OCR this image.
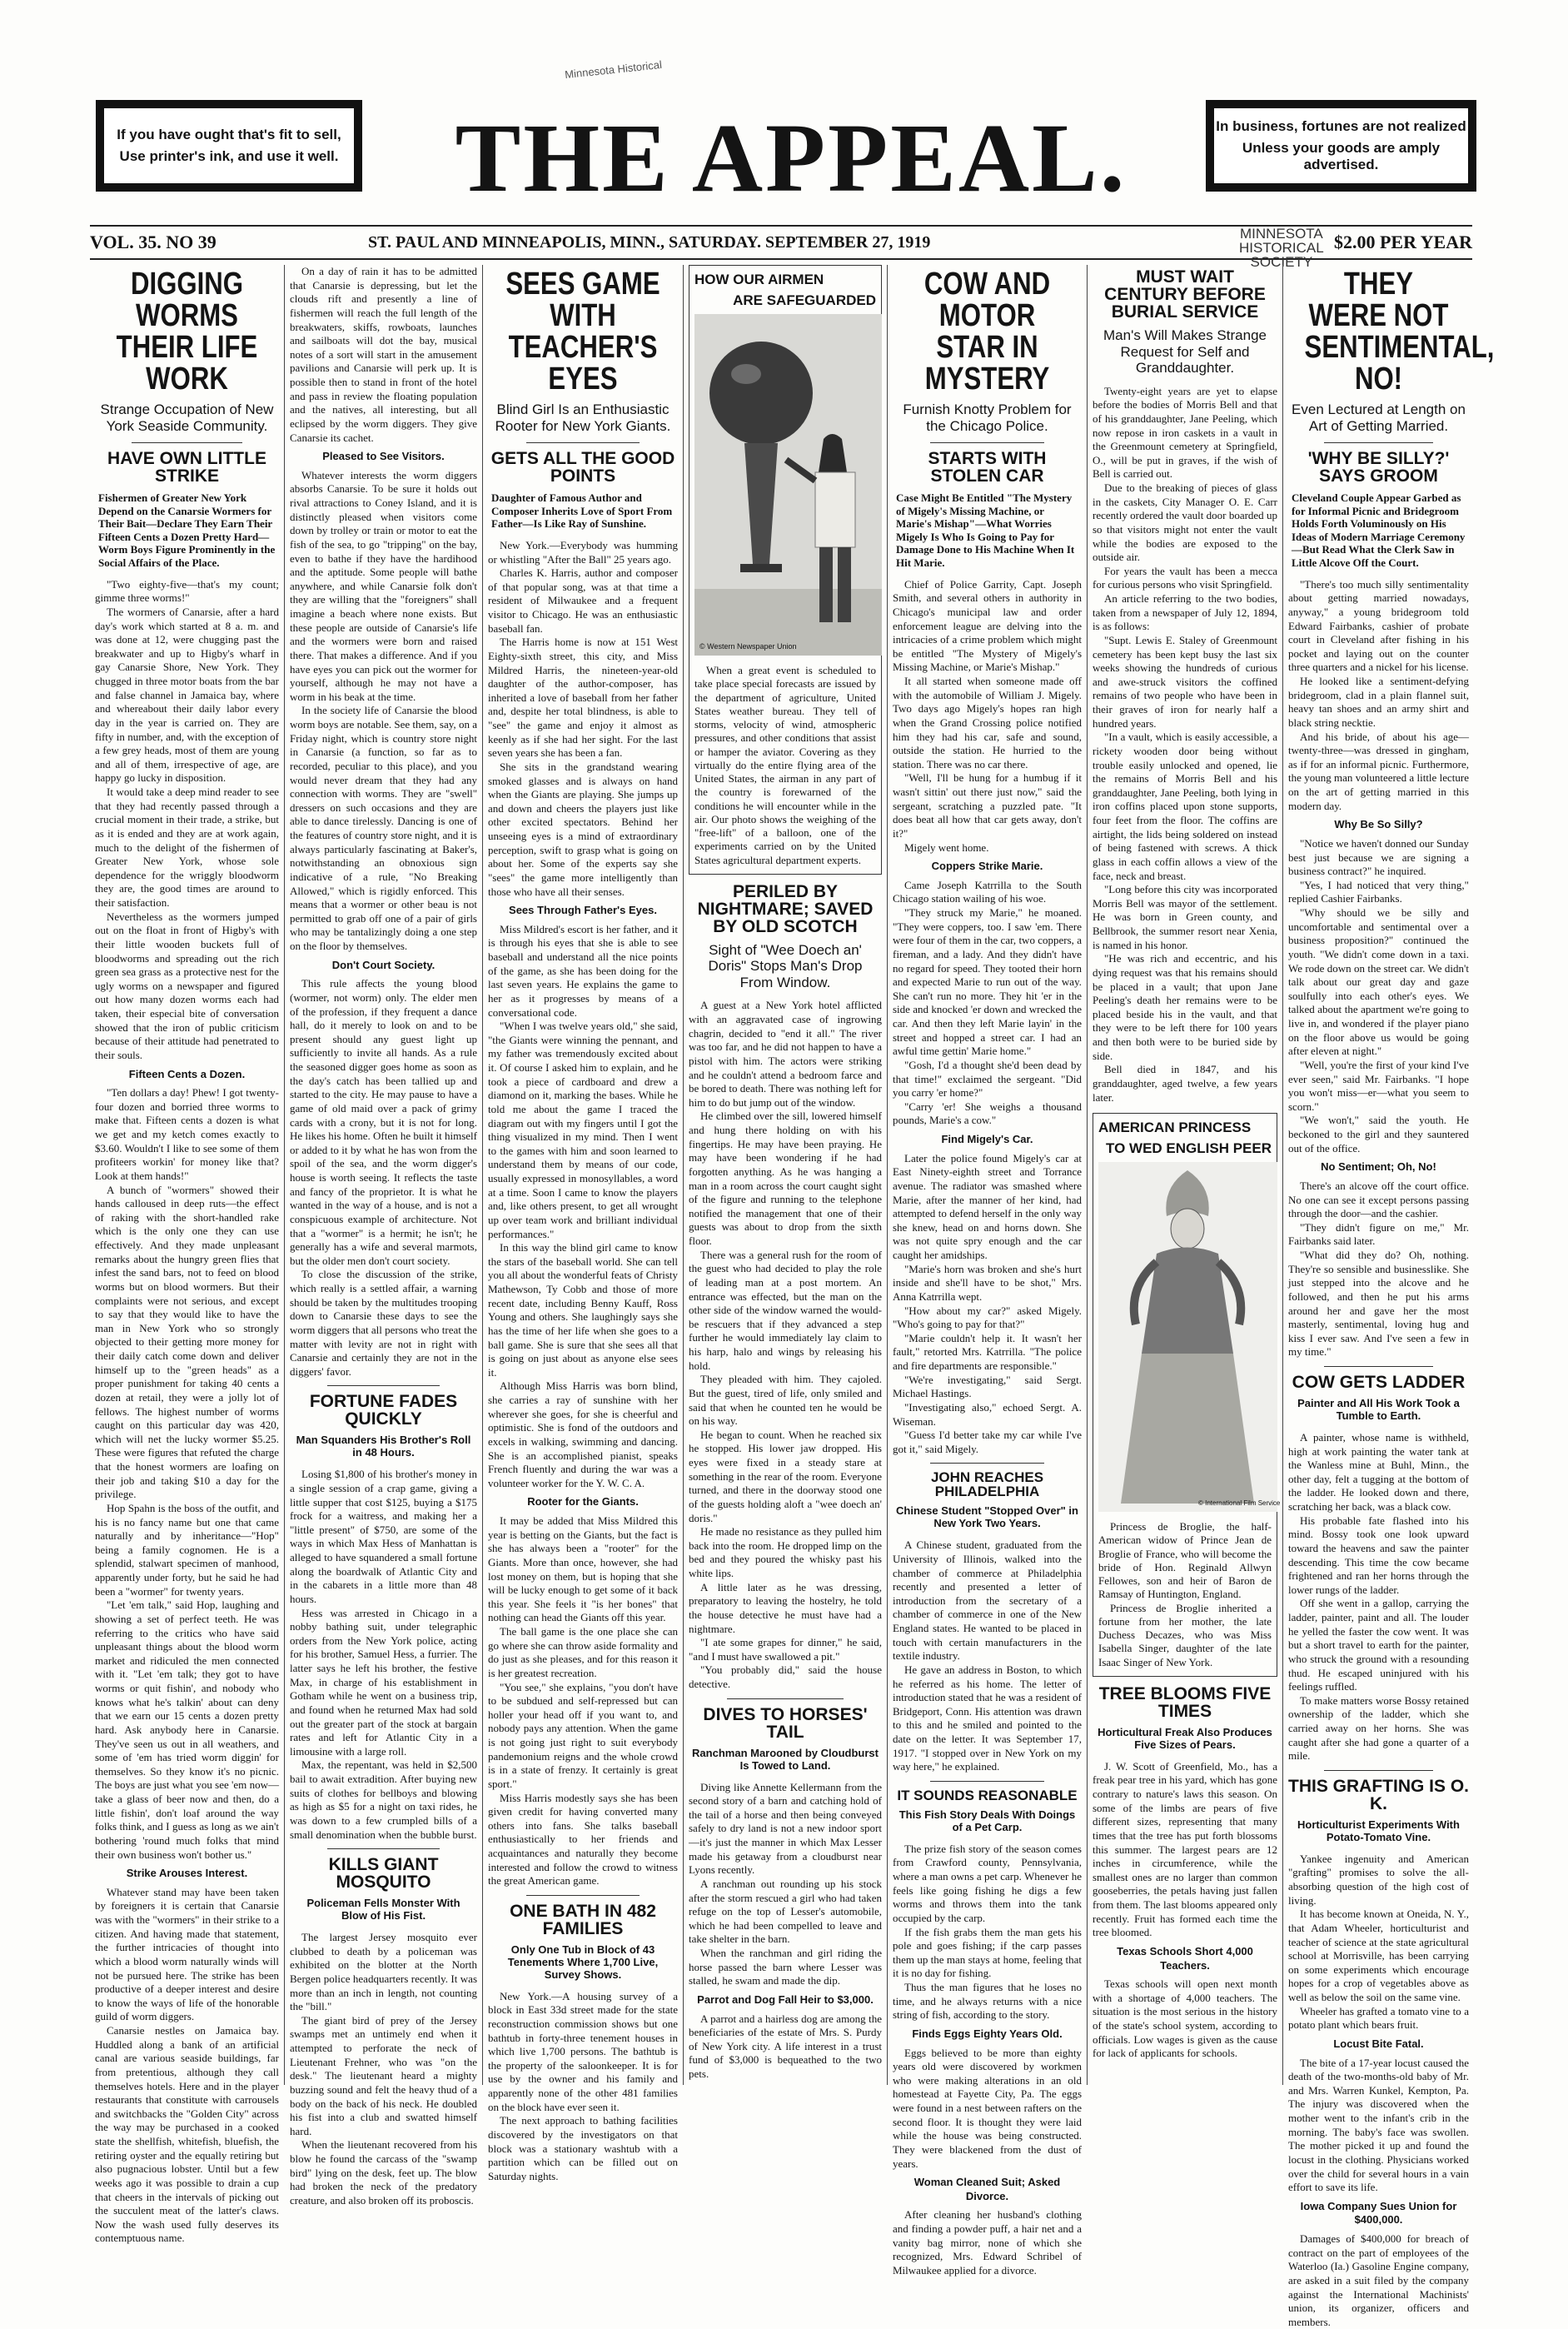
Minnesota Historical

If you have ought that's fit to sell,

Use printer's ink, and use it well. THE APPEAL.	In business, fortunes are not realized

Unless your goods are amply advertised.

VOL. 35. NO 39	ST. PAUL AND MINNEAPOLIS, MINN., SATURDAY. SEPTEMBER 27, 1919	$2.00 PER YEAR
MINNESOTA
HISTORICAL
SOCIETY
DIGGING WORMS THEIR LIFE WORK
Strange Occupation of New York Seaside Community.
HAVE OWN LITTLE STRIKE
Fishermen of Greater New York Depend on the Canarsie Wormers for Their Bait—Declare They Earn Their Fifteen Cents a Dozen Pretty Hard—Worm Boys Figure Prominently in the Social Affairs of the Place.

"Two eighty-five—that's my count; gimme three worms!"

The wormers of Canarsie, after a hard day's work which started at 8 a. m. and was done at 12, were chugging past the breakwater and up to Higby's wharf in gay Canarsie Shore, New York. They chugged in three motor boats from the bar and false channel in Jamaica bay, where and whereabout their daily labor every day in the year is carried on. They are fifty in number, and, with the exception of a few grey heads, most of them are young and all of them, irrespective of age, are happy go lucky in disposition.

It would take a deep mind reader to see that they had recently passed through a crucial moment in their trade, a strike, but as it is ended and they are at work again, much to the delight of the fishermen of Greater New York, whose sole dependence for the wriggly bloodworm they are, the good times are around to their satisfaction.

Nevertheless as the wormers jumped out on the float in front of Higby's with their little wooden buckets full of bloodworms and spreading out the rich green sea grass as a protective nest for the ugly worms on a newspaper and figured out how many dozen worms each had taken, their especial bite of conversation showed that the iron of public criticism because of their attitude had penetrated to their souls.

Fifteen Cents a Dozen.

"Ten dollars a day! Phew! I got twenty-four dozen and borried three worms to make that. Fifteen cents a dozen is what we get and my ketch comes exactly to $3.60. Wouldn't I like to see some of them profiteers workin' for money like that? Look at them hands!"

A bunch of "wormers" showed their hands calloused in deep ruts—the effect of raking with the short-handled rake which is the only one they can use effectively. And they made unpleasant remarks about the hungry green flies that infest the sand bars, not to feed on blood worms but on blood wormers. But their complaints were not serious, and except to say that they would like to have the man in New York who so strongly objected to their getting more money for their daily catch come down and deliver himself up to the "green heads" as a proper punishment for taking 40 cents a dozen at retail, they were a jolly lot of fellows. The highest number of worms caught on this particular day was 420, which will net the lucky wormer $5.25. These were figures that refuted the charge that the honest wormers are loafing on their job and taking $10 a day for the privilege.

Hop Spahn is the boss of the outfit, and his is no fancy name but one that came naturally and by inheritance—"Hop" being a family cognomen. He is a splendid, stalwart specimen of manhood, apparently under forty, but he said he had been a "wormer" for twenty years.

"Let 'em talk," said Hop, laughing and showing a set of perfect teeth. He was referring to the critics who have said unpleasant things about the blood worm market and ridiculed the men connected with it. "Let 'em talk; they got to have worms or quit fishin', and nobody who knows what he's talkin' about can deny that we earn our 15 cents a dozen pretty hard. Ask anybody here in Canarsie. They've seen us out in all weathers, and some of 'em has tried worm diggin' for themselves. So they know it's no picnic. The boys are just what you see 'em now—take a glass of beer now and then, do a little fishin', don't loaf around the way folks think, and I guess as long as we ain't bothering 'round much folks that mind their own business won't bother us."

Strike Arouses Interest.

Whatever stand may have been taken by foreigners it is certain that Canarsie was with the "wormers" in their strike to a citizen. And having made that statement, the further intricacies of thought into which a blood worm naturally winds will not be pursued here. The strike has been productive of a deeper interest and desire to know the ways of life of the honorable guild of worm diggers.

Canarsie nestles on Jamaica bay. Huddled along a bank of an artificial canal are various seaside buildings, far from pretentious, although they call themselves hotels. Here and in the player restaurants that constitute with carrousels and switchbacks the "Golden City" across the way may be purchased in a cooked state the shellfish, whitefish, bluefish, the retiring oyster and the equally retiring but also pugnacious lobster. Until but a few weeks ago it was possible to drain a cup that cheers in the intervals of picking out the succulent meat of the latter's claws. Now the wash used fully deserves its contemptuous name.

On a day of rain it has to be admitted that Canarsie is depressing, but let the clouds rift and presently a line of fishermen will reach the full length of the breakwaters, skiffs, rowboats, launches and sailboats will dot the bay, musical notes of a sort will start in the amusement pavilions and Canarsie will perk up. It is possible then to stand in front of the hotel and pass in review the floating population and the natives, all interesting, but all eclipsed by the worm diggers. They give Canarsie its cachet.

Pleased to See Visitors.

Whatever interests the worm diggers absorbs Canarsie. To be sure it holds out rival attractions to Coney Island, and it is distinctly pleased when visitors come down by trolley or train or motor to eat the fish of the sea, to go "tripping" on the bay, even to bathe if they have the hardihood and the aptitude. Some people will bathe anywhere, and while Canarsie folk don't they are willing that the "foreigners" shall imagine a beach where none exists. But these people are outside of Canarsie's life and the wormers were born and raised there. That makes a difference. And if you have eyes you can pick out the wormer for yourself, although he may not have a worm in his beak at the time.

In the society life of Canarsie the blood worm boys are notable. See them, say, on a Friday night, which is country store night in Canarsie (a function, so far as to recorded, peculiar to this place), and you would never dream that they had any connection with worms. They are "swell" dressers on such occasions and they are able to dance tirelessly. Dancing is one of the features of country store night, and it is always particularly fascinating at Baker's, notwithstanding an obnoxious sign indicative of a rule, "No Breaking Allowed," which is rigidly enforced. This means that a wormer or other beau is not permitted to grab off one of a pair of girls who may be tantalizingly doing a one step on the floor by themselves.

Don't Court Society.

This rule affects the young blood (wormer, not worm) only. The elder men of the profession, if they frequent a dance hall, do it merely to look on and to be present should any guest light up sufficiently to invite all hands. As a rule the seasoned digger goes home as soon as the day's catch has been tallied up and started to the city. He may pause to have a game of old maid over a pack of grimy cards with a crony, but it is not for long. He likes his home. Often he built it himself or added to it by what he has won from the spoil of the sea, and the worm digger's house is worth seeing. It reflects the taste and fancy of the proprietor. It is what he wanted in the way of a house, and is not a conspicuous example of architecture. Not that a "wormer" is a hermit; he isn't; he generally has a wife and several marmots, but the older men don't court society.

To close the discussion of the strike, which really is a settled affair, a warning should be taken by the multitudes trooping down to Canarsie these days to see the worm diggers that all persons who treat the matter with levity are not in right with Canarsie and certainly they are not in the diggers' favor.

FORTUNE FADES QUICKLY
Man Squanders His Brother's Roll in 48 Hours.

Losing $1,800 of his brother's money in a single session of a crap game, giving a little supper that cost $125, buying a $175 frock for a waitress, and making her a "little present" of $750, are some of the ways in which Max Hess of Manhattan is alleged to have squandered a small fortune along the boardwalk of Atlantic City and in the cabarets in a little more than 48 hours.

Hess was arrested in Chicago in a nobby bathing suit, under telegraphic orders from the New York police, acting for his brother, Samuel Hess, a furrier. The latter says he left his brother, the festive Max, in charge of his establishment in Gotham while he went on a business trip, and found when he returned Max had sold out the greater part of the stock at bargain rates and left for Atlantic City in a limousine with a large roll.

Max, the repentant, was held in $2,500 bail to await extradition. After buying new suits of clothes for bellboys and blowing as high as $5 for a night on taxi rides, he was down to a few crumpled bills of a small denomination when the bubble burst.

KILLS GIANT MOSQUITO
Policeman Fells Monster With Blow of His Fist.

The largest Jersey mosquito ever clubbed to death by a policeman was exhibited on the blotter at the North Bergen police headquarters recently. It was more than an inch in length, not counting the "bill."

The giant bird of prey of the Jersey swamps met an untimely end when it attempted to perforate the neck of Lieutenant Frehner, who was "on the desk." The lieutenant heard a mighty buzzing sound and felt the heavy thud of a body on the back of his neck. He doubled his fist into a club and swatted himself hard.

When the lieutenant recovered from his blow he found the carcass of the "swamp bird" lying on the desk, feet up. The blow had broken the neck of the predatory creature, and also broken off its proboscis.

SEES GAME WITH TEACHER'S EYES
Blind Girl Is an Enthusiastic Rooter for New York Giants.
GETS ALL THE GOOD POINTS
Daughter of Famous Author and Composer Inherits Love of Sport From Father—Is Like Ray of Sunshine.

New York.—Everybody was humming or whistling "After the Ball" 25 years ago.

Charles K. Harris, author and composer of that popular song, was at that time a resident of Milwaukee and a frequent visitor to Chicago. He was an enthusiastic baseball fan.

The Harris home is now at 151 West Eighty-sixth street, this city, and Miss Mildred Harris, the nineteen-year-old daughter of the author-composer, has inherited a love of baseball from her father and, despite her total blindness, is able to "see" the game and enjoy it almost as keenly as if she had her sight. For the last seven years she has been a fan.

She sits in the grandstand wearing smoked glasses and is always on hand when the Giants are playing. She jumps up and down and cheers the players just like other excited spectators. Behind her unseeing eyes is a mind of extraordinary perception, swift to grasp what is going on about her. Some of the experts say she "sees" the game more intelligently than those who have all their senses.

Sees Through Father's Eyes.

Miss Mildred's escort is her father, and it is through his eyes that she is able to see baseball and understand all the nice points of the game, as she has been doing for the last seven years. He explains the game to her as it progresses by means of a conversational code.

"When I was twelve years old," she said, "the Giants were winning the pennant, and my father was tremendously excited about it. Of course I asked him to explain, and he took a piece of cardboard and drew a diamond on it, marking the bases. While he told me about the game I traced the diagram out with my fingers until I got the thing visualized in my mind. Then I went to the games with him and soon learned to understand them by means of our code, usually expressed in monosyllables, a word at a time. Soon I came to know the players and, like others present, to get all wrought up over team work and brilliant individual performances."

In this way the blind girl came to know the stars of the baseball world. She can tell you all about the wonderful feats of Christy Mathewson, Ty Cobb and those of more recent date, including Benny Kauff, Ross Young and others. She laughingly says she has the time of her life when she goes to a ball game. She is sure that she sees all that is going on just about as anyone else sees it.

Although Miss Harris was born blind, she carries a ray of sunshine with her wherever she goes, for she is cheerful and optimistic. She is fond of the outdoors and excels in walking, swimming and dancing. She is an accomplished pianist, speaks French fluently and during the war was a volunteer worker for the Y. W. C. A.

Rooter for the Giants.

It may be added that Miss Mildred this year is betting on the Giants, but the fact is she has always been a "rooter" for the Giants. More than once, however, she had lost money on them, but is hoping that she will be lucky enough to get some of it back this year. She feels it "is her bones" that nothing can head the Giants off this year.

The ball game is the one place she can go where she can throw aside formality and do just as she pleases, and for this reason it is her greatest recreation.

"You see," she explains, "you don't have to be subdued and self-repressed but can holler your head off if you want to, and nobody pays any attention. When the game is not going just right to suit everybody pandemonium reigns and the whole crowd is in a state of frenzy. It certainly is great sport."

Miss Harris modestly says she has been given credit for having converted many others into fans. She talks baseball enthusiastically to her friends and acquaintances and naturally they become interested and follow the crowd to witness the great American game.

ONE BATH IN 482 FAMILIES
Only One Tub in Block of 43 Tenements Where 1,700 Live, Survey Shows.

New York.—A housing survey of a block in East 33d street made for the state reconstruction commission shows but one bathtub in forty-three tenement houses in which live 1,700 persons. The bathtub is the property of the saloonkeeper. It is for use by the owner and his family and apparently none of the other 481 families on the block have ever seen it.

The next approach to bathing facilities discovered by the investigators on that block was a stationary washtub with a partition which can be filled out on Saturday nights.

HOW OUR AIRMEN
ARE SAFEGUARDED
© Western Newspaper Union

When a great event is scheduled to take place special forecasts are issued by the department of agriculture, United States weather bureau. They tell of storms, velocity of wind, atmospheric pressures, and other conditions that assist or hamper the aviator. Covering as they virtually do the entire flying area of the United States, the airman in any part of the country is forewarned of the conditions he will encounter while in the air. Our photo shows the weighing of the "free-lift" of a balloon, one of the experiments carried on by the United States agricultural department experts.

PERILED BY NIGHTMARE; SAVED BY OLD SCOTCH
Sight of "Wee Doech an' Doris" Stops Man's Drop From Window.

A guest at a New York hotel afflicted with an aggravated case of ingrowing chagrin, decided to "end it all." The river was too far, and he did not happen to have a pistol with him. The actors were striking and he couldn't attend a bedroom farce and be bored to death. There was nothing left for him to do but jump out of the window.

He climbed over the sill, lowered himself and hung there holding on with his fingertips. He may have been praying. He may have been wondering if he had forgotten anything. As he was hanging a man in a room across the court caught sight of the figure and running to the telephone notified the management that one of their guests was about to drop from the sixth floor.

There was a general rush for the room of the guest who had decided to play the role of leading man at a post mortem. An entrance was effected, but the man on the other side of the window warned the would-be rescuers that if they advanced a step further he would immediately lay claim to his harp, halo and wings by releasing his hold.

They pleaded with him. They cajoled. But the guest, tired of life, only smiled and said that when he counted ten he would be on his way.

He began to count. When he reached six he stopped. His lower jaw dropped. His eyes were fixed in a steady stare at something in the rear of the room. Everyone turned, and there in the doorway stood one of the guests holding aloft a "wee doech an' doris."

He made no resistance as they pulled him back into the room. He dropped limp on the bed and they poured the whisky past his white lips.

A little later as he was dressing, preparatory to leaving the hostelry, he told the house detective he must have had a nightmare.

"I ate some grapes for dinner," he said, "and I must have swallowed a pit."

"You probably did," said the house detective.

DIVES TO HORSES' TAIL
Ranchman Marooned by Cloudburst Is Towed to Land.

Diving like Annette Kellermann from the second story of a barn and catching hold of the tail of a horse and then being conveyed safely to dry land is not a new indoor sport—it's just the manner in which Max Lesser made his getaway from a cloudburst near Lyons recently.

A ranchman out rounding up his stock after the storm rescued a girl who had taken refuge on the top of Lesser's automobile, which he had been compelled to leave and take shelter in the barn.

When the ranchman and girl riding the horse passed the barn where Lesser was stalled, he swam and made the dip.

Parrot and Dog Fall Heir to $3,000.

A parrot and a hairless dog are among the beneficiaries of the estate of Mrs. S. Purdy of New York city. A life interest in a trust fund of $3,000 is bequeathed to the two pets.

COW AND MOTOR STAR IN MYSTERY
Furnish Knotty Problem for the Chicago Police.
STARTS WITH STOLEN CAR
Case Might Be Entitled "The Mystery of Migely's Missing Machine, or Marie's Mishap"—What Worries Migely Is Who Is Going to Pay for Damage Done to His Machine When It Hit Marie.

Chief of Police Garrity, Capt. Joseph Smith, and several others in authority in Chicago's municipal law and order enforcement league are delving into the intricacies of a crime problem which might be entitled "The Mystery of Migely's Missing Machine, or Marie's Mishap."

It all started when someone made off with the automobile of William J. Migely. Two days ago Migely's hopes ran high when the Grand Crossing police notified him they had his car, safe and sound, outside the station. He hurried to the station. There was no car there.

"Well, I'll be hung for a humbug if it wasn't sittin' out there just now," said the sergeant, scratching a puzzled pate. "It does beat all how that car gets away, don't it?"

Migely went home.

Coppers Strike Marie.

Came Joseph Katrrilla to the South Chicago station wailing of his woe.

"They struck my Marie," he moaned. "They were coppers, too. I saw 'em. There were four of them in the car, two coppers, a fireman, and a lady. And they didn't have no regard for speed. They tooted their horn and expected Marie to run out of the way. She can't run no more. They hit 'er in the side and knocked 'er down and wrecked the car. And then they left Marie layin' in the street and hopped a street car. I had an awful time gettin' Marie home."

"Gosh, I'd a thought she'd been dead by that time!" exclaimed the sergeant. "Did you carry 'er home?"

"Carry 'er! She weighs a thousand pounds, Marie's a cow."

Find Migely's Car.

Later the police found Migely's car at East Ninety-eighth street and Torrance avenue. The radiator was smashed where Marie, after the manner of her kind, had attempted to defend herself in the only way she knew, head on and horns down. She was not quite spry enough and the car caught her amidships.

"Marie's horn was broken and she's hurt inside and she'll have to be shot," Mrs. Anna Katrrilla wept.

"How about my car?" asked Migely. "Who's going to pay for that?"

"Marie couldn't help it. It wasn't her fault," retorted Mrs. Katrrilla. "The police and fire departments are responsible."

"We're investigating," said Sergt. Michael Hastings.

"Investigating also," echoed Sergt. A. Wiseman.

"Guess I'd better take my car while I've got it," said Migely.

JOHN REACHES PHILADELPHIA
Chinese Student "Stopped Over" in New York Two Years.

A Chinese student, graduated from the University of Illinois, walked into the chamber of commerce at Philadelphia recently and presented a letter of introduction from the secretary of a chamber of commerce in one of the New England states. He wanted to be placed in touch with certain manufacturers in the textile industry.

He gave an address in Boston, to which he referred as his home. The letter of introduction stated that he was a resident of Bridgeport, Conn. His attention was drawn to this and he smiled and pointed to the date on the letter. It was September 17, 1917. "I stopped over in New York on my way here," he explained.

IT SOUNDS REASONABLE
This Fish Story Deals With Doings of a Pet Carp.

The prize fish story of the season comes from Crawford county, Pennsylvania, where a man owns a pet carp. Whenever he feels like going fishing he digs a few worms and throws them into the tank occupied by the carp.

If the fish grabs them the man gets his pole and goes fishing; if the carp passes them up the man stays at home, feeling that it is no day for fishing.

Thus the man figures that he loses no time, and he always returns with a nice string of fish, according to the story.

Finds Eggs Eighty Years Old.

Eggs believed to be more than eighty years old were discovered by workmen who were making alterations in an old homestead at Fayette City, Pa. The eggs were found in a nest between rafters on the second floor. It is thought they were laid while the house was being constructed. They were blackened from the dust of years.

Woman Cleaned Suit; Asked Divorce.

After cleaning her husband's clothing and finding a powder puff, a hair net and a vanity bag mirror, none of which she recognized, Mrs. Edward Schribel of Milwaukee applied for a divorce.

MUST WAIT CENTURY BEFORE BURIAL SERVICE
Man's Will Makes Strange Request for Self and Granddaughter.

Twenty-eight years are yet to elapse before the bodies of Morris Bell and that of his granddaughter, Jane Peeling, which now repose in iron caskets in a vault in the Greenmount cemetery at Springfield, O., will be put in graves, if the wish of Bell is carried out.

Due to the breaking of pieces of glass in the caskets, City Manager O. E. Carr recently ordered the vault door boarded up so that visitors might not enter the vault while the bodies are exposed to the outside air.

For years the vault has been a mecca for curious persons who visit Springfield.

An article referring to the two bodies, taken from a newspaper of July 12, 1894, is as follows:

"Supt. Lewis E. Staley of Greenmount cemetery has been kept busy the last six weeks showing the hundreds of curious and awe-struck visitors the coffined remains of two people who have been in their graves of iron for nearly half a hundred years.

"In a vault, which is easily accessible, a rickety wooden door being without trouble easily unlocked and opened, lie the remains of Morris Bell and his granddaughter, Jane Peeling, both lying in iron coffins placed upon stone supports, four feet from the floor. The coffins are airtight, the lids being soldered on instead of being fastened with screws. A thick glass in each coffin allows a view of the face, neck and breast.

"Long before this city was incorporated Morris Bell was mayor of the settlement. He was born in Green county, and Bellbrook, the summer resort near Xenia, is named in his honor.

"He was rich and eccentric, and his dying request was that his remains should be placed in a vault; that upon Jane Peeling's death her remains were to be placed beside his in the vault, and that they were to be left there for 100 years and then both were to be buried side by side.

Bell died in 1847, and his granddaughter, aged twelve, a few years later.

AMERICAN PRINCESS
TO WED ENGLISH PEER
© International Film Service

Princess de Broglie, the half-American widow of Prince Jean de Broglie of France, who will become the bride of Hon. Reginald Allwyn Fellowes, son and heir of Baron de Ramsay of Huntington, England.

Princess de Broglie inherited a fortune from her mother, the late Duchess Decazes, who was Miss Isabella Singer, daughter of the late Isaac Singer of New York.

TREE BLOOMS FIVE TIMES
Horticultural Freak Also Produces Five Sizes of Pears.

J. W. Scott of Greenfield, Mo., has a freak pear tree in his yard, which has gone contrary to nature's laws this season. On some of the limbs are pears of five different sizes, representing that many times that the tree has put forth blossoms this summer. The largest pears are 12 inches in circumference, while the smallest ones are no larger than common gooseberries, the petals having just fallen from them. The last blooms appeared only recently. Fruit has formed each time the tree bloomed.

Texas Schools Short 4,000 Teachers.

Texas schools will open next month with a shortage of 4,000 teachers. The situation is the most serious in the history of the state's school system, according to officials. Low wages is given as the cause for lack of applicants for schools.

THEY WERE NOT SENTIMENTAL, NO!
Even Lectured at Length on Art of Getting Married.
'WHY BE SILLY?' SAYS GROOM
Cleveland Couple Appear Garbed as for Informal Picnic and Bridegroom Holds Forth Voluminously on His Ideas of Modern Marriage Ceremony—But Read What the Clerk Saw in Little Alcove Off the Court.

"There's too much silly sentimentality about getting married nowadays, anyway," a young bridegroom told Edward Fairbanks, cashier of probate court in Cleveland after fishing in his pocket and laying out on the counter three quarters and a nickel for his license.

He looked like a sentiment-defying bridegroom, clad in a plain flannel suit, heavy tan shoes and an army shirt and black string necktie.

And his bride, of about his age—twenty-three—was dressed in gingham, as if for an informal picnic. Furthermore, the young man volunteered a little lecture on the art of getting married in this modern day.

Why Be So Silly?

"Notice we haven't donned our Sunday best just because we are signing a business contract?" he inquired.

"Yes, I had noticed that very thing," replied Cashier Fairbanks.

"Why should we be silly and uncomfortable and sentimental over a business proposition?" continued the youth. "We didn't come down in a taxi. We rode down on the street car. We didn't talk about our great day and gaze soulfully into each other's eyes. We talked about the apartment we're going to live in, and wondered if the player piano on the floor above us would be going after eleven at night."

"Well, you're the first of your kind I've ever seen," said Mr. Fairbanks. "I hope you won't miss—er—what you seem to scorn."

"We won't," said the youth. He beckoned to the girl and they sauntered out of the office.

No Sentiment; Oh, No!

There's an alcove off the court office. No one can see it except persons passing through the door—and the cashier.

"They didn't figure on me," Mr. Fairbanks said later.

"What did they do? Oh, nothing. They're so sensible and businesslike. She just stepped into the alcove and he followed, and then he put his arms around her and gave her the most masterly, sentimental, loving hug and kiss I ever saw. And I've seen a few in my time."

COW GETS LADDER
Painter and All His Work Took a Tumble to Earth.

A painter, whose name is withheld, high at work painting the water tank at the Wanless mine at Buhl, Minn., the other day, felt a tugging at the bottom of the ladder. He looked down and there, scratching her back, was a black cow.

His probable fate flashed into his mind. Bossy took one look upward toward the heavens and saw the painter descending. This time the cow became frightened and ran her horns through the lower rungs of the ladder.

Off she went in a gallop, carrying the ladder, painter, paint and all. The louder he yelled the faster the cow went. It was but a short travel to earth for the painter, who struck the ground with a resounding thud. He escaped uninjured with his feelings ruffled.

To make matters worse Bossy retained ownership of the ladder, which she carried away on her horns. She was caught after she had gone a quarter of a mile.

THIS GRAFTING IS O. K.
Horticulturist Experiments With Potato-Tomato Vine.

Yankee ingenuity and American "grafting" promises to solve the all-absorbing question of the high cost of living.

It has become known at Oneida, N. Y., that Adam Wheeler, horticulturist and teacher of science at the state agricultural school at Morrisville, has been carrying on some experiments which encourage hopes for a crop of vegetables above as well as below the soil on the same vine.

Wheeler has grafted a tomato vine to a potato plant which bears fruit.

Locust Bite Fatal.

The bite of a 17-year locust caused the death of the two-months-old baby of Mr. and Mrs. Warren Kunkel, Kempton, Pa. The injury was discovered when the mother went to the infant's crib in the morning. The baby's face was swollen. The mother picked it up and found the locust in the clothing. Physicians worked over the child for several hours in a vain effort to save its life.

Iowa Company Sues Union for $400,000.

Damages of $400,000 for breach of contract on the part of employees of the Waterloo (Ia.) Gasoline Engine company, are asked in a suit filed by the company against the International Machinists' union, its organizer, officers and members.
